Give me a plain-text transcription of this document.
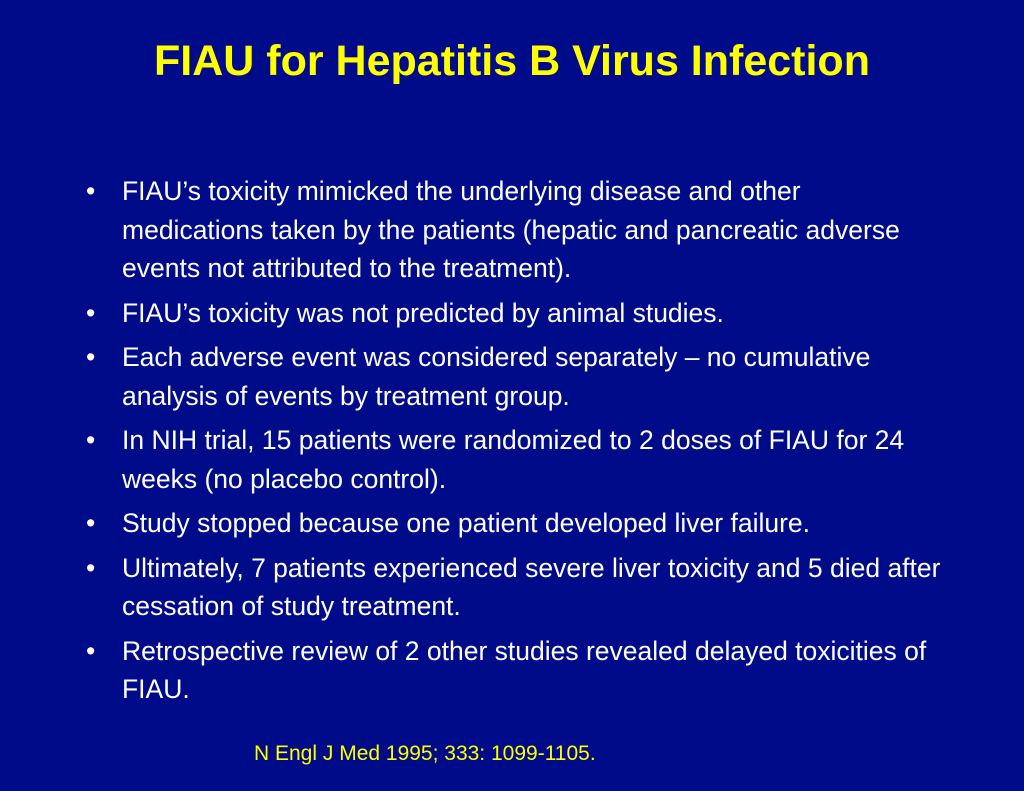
FIAU for Hepatitis B Virus Infection
•	FIAU’s toxicity mimicked the underlying disease and other medications taken by the patients (hepatic and pancreatic adverse events not attributed to the treatment).
•	FIAU’s toxicity was not predicted by animal studies.
•	Each adverse event was considered separately – no cumulative analysis of events by treatment group.
•	In NIH trial, 15 patients were randomized to 2 doses of FIAU for 24 weeks (no placebo control).
•	Study stopped because one patient developed liver failure.
•	Ultimately, 7 patients experienced severe liver toxicity and 5 died after cessation of study treatment.
•	Retrospective review of 2 other studies revealed delayed toxicities of FIAU.

N Engl J Med 1995; 333: 1099-1105.
